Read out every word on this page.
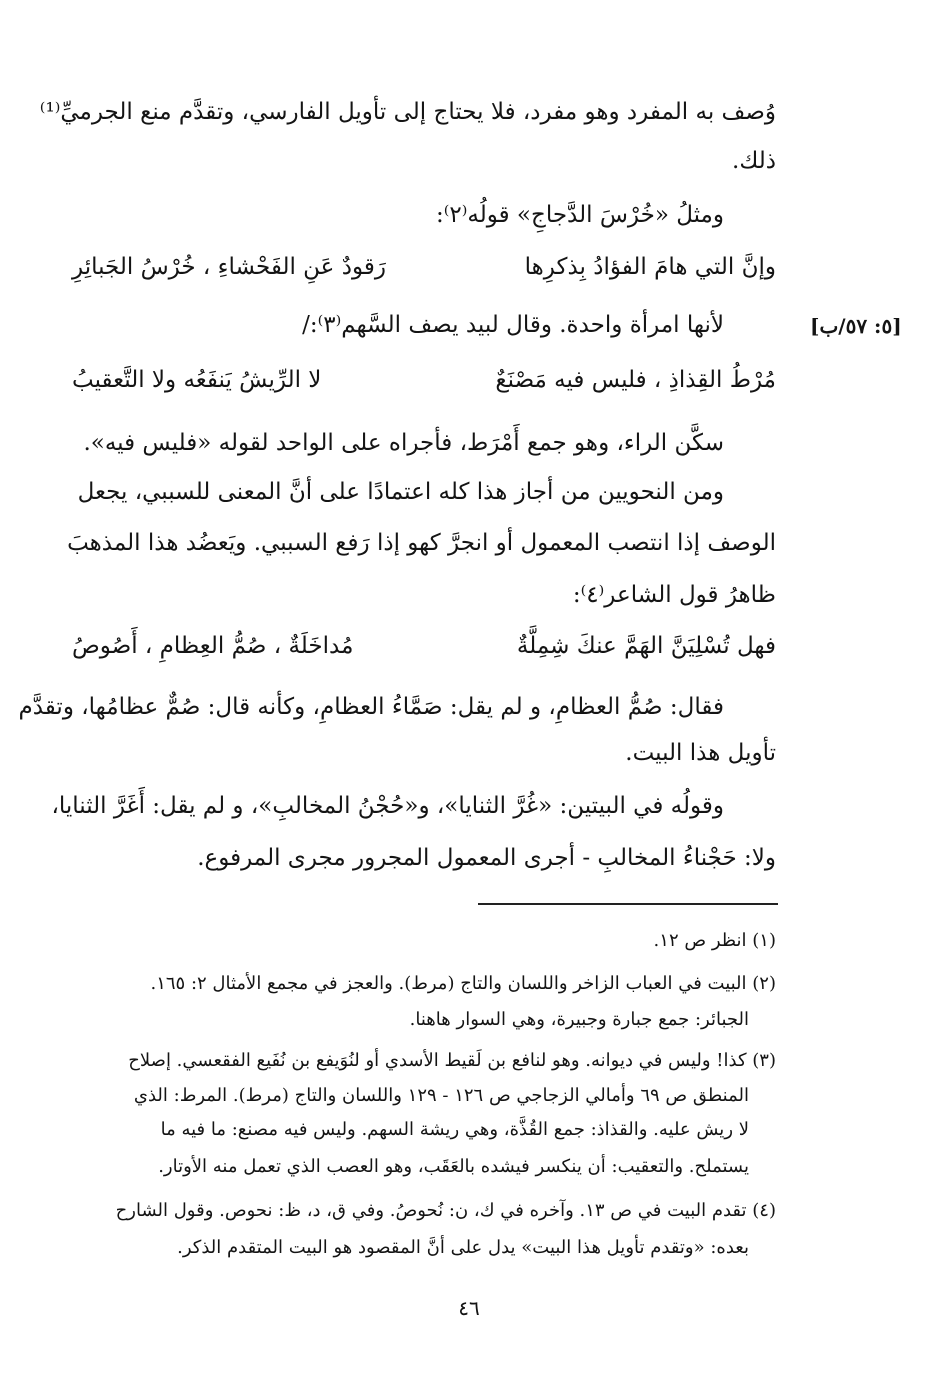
وُصف به المفرد وهو مفرد، فلا يحتاج إلى تأويل الفارسي، وتقدَّم منع الجرميِّ⁽¹⁾

ذلك.

ومثلُ «خُرْسَ الدَّجاجِ» قولُه⁽٢⁾:

وإنَّ التي هامَ الفؤادُ بِذكرِها
رَقودٌ عَنِ الفَحْشاءِ ، خُرْسُ الجَبائِرِ

لأنها امرأة واحدة. وقال لبيد يصف السَّهم⁽٣⁾:/	[٥: ٥٧/ب]
مُرْطُ القِذاذِ ، فليس فيه مَصْنَعٌ
لا الرِّيشُ يَنفَعُه ولا التَّعقيبُ

سكَّن الراء، وهو جمع أَمْرَط، فأجراه على الواحد لقوله «فليس فيه».

ومن النحويين من أجاز هذا كله اعتمادًا على أنَّ المعنى للسببي، يجعل

الوصف إذا انتصب المعمول أو انجرَّ كهو إذا رَفع السببي. ويَعضُد هذا المذهبَ

ظاهرُ قول الشاعر⁽٤⁾:

فهل تُسْلِيَنَّ الهَمَّ عنكَ شِمِلَّةٌ
مُداخَلَةٌ ، صُمُّ العِظامِ ، أَصُوصُ

فقال: صُمُّ العظامِ، و لم يقل: صَمَّاءُ العظامِ، وكأنه قال: صُمٌّ عظامُها، وتقدَّم

تأويل هذا البيت.

وقولُه في البيتين: «غُرَّ الثنايا»، و«حُجْنُ المخالبِ»، و لم يقل: أَغَرَّ الثنايا،

ولا: حَجْناءُ المخالبِ - أجرى المعمول المجرور مجرى المرفوع.

(١) انظر ص ١٢.

(٢) البيت في العباب الزاخر واللسان والتاج (مرط). والعجز في مجمع الأمثال ٢: ١٦٥.

الجبائر: جمع جبارة وجبيرة، وهي السوار هاهنا.

(٣) كذا! وليس في ديوانه. وهو لنافع بن لَقيط الأسدي أو لنُوَيفع بن نُفَيع الفقعسي. إصلاح

المنطق ص ٦٩ وأمالي الزجاجي ص ١٢٦ - ١٢٩ واللسان والتاج (مرط). المرط: الذي

لا ريش عليه. والقذاذ: جمع القُذَّة، وهي ريشة السهم. وليس فيه مصنع: ما فيه ما

يستملح. والتعقيب: أن ينكسر فيشده بالعَقَب، وهو العصب الذي تعمل منه الأوتار.

(٤) تقدم البيت في ص ١٣. وآخره في ك، ن: نُحوصُ. وفي ق، د، ظ: نحوص. وقول الشارح

بعده: «وتقدم تأويل هذا البيت» يدل على أنَّ المقصود هو البيت المتقدم الذكر.

٤٦
